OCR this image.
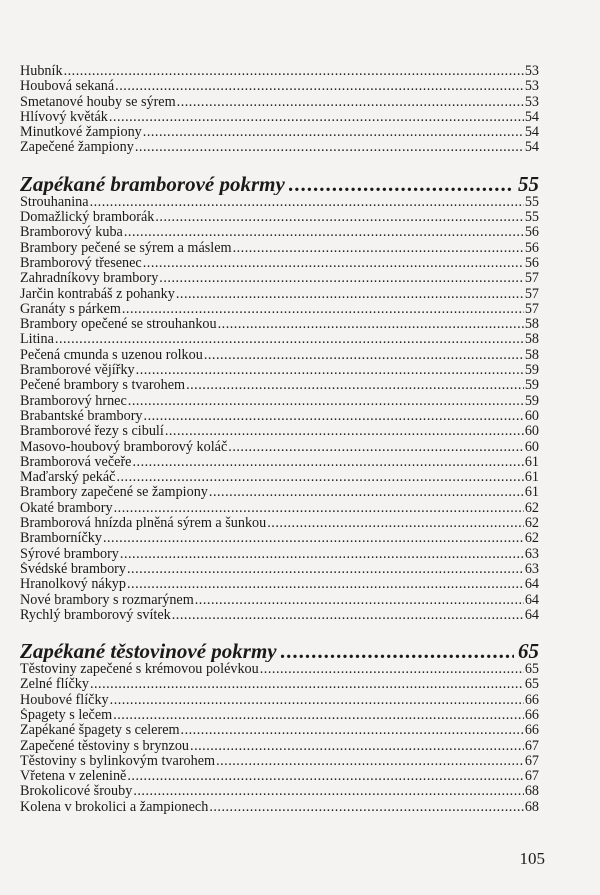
Hubník .....	53
Houbová sekaná .....	53
Smetanové houby se sýrem .....	53
Hlívový květák .....	54
Minutkové žampiony .....	54
Zapečené žampiony .....	54
Zapékané bramborové pokrmy .....	55
Strouhanina .....	55
Domažlický bramborák .....	55
Bramborový kuba .....	56
Brambory pečené se sýrem a máslem .....	56
Bramborový třesenec .....	56
Zahradníkovy brambory .....	57
Jarčin kontrabáš z pohanky .....	57
Granáty s párkem .....	57
Brambory opečené se strouhankou .....	58
Litina .....	58
Pečená cmunda s uzenou rolkou .....	58
Bramborové vějířky .....	59
Pečené brambory s tvarohem .....	59
Bramborový hrnec .....	59
Brabantské brambory .....	60
Bramborové řezy s cibulí .....	60
Masovo-houbový bramborový koláč .....	60
Bramborová večeře .....	61
Maďarský pekáč .....	61
Brambory zapečené se žampiony .....	61
Okaté brambory .....	62
Bramborová hnízda plněná sýrem a šunkou .....	62
Bramborníčky .....	62
Sýrové brambory .....	63
Švédské brambory .....	63
Hranolkový nákyp .....	64
Nové brambory s rozmarýnem .....	64
Rychlý bramborový svítek .....	64
Zapékané těstovinové pokrmy .....	65
Těstoviny zapečené s krémovou polévkou .....	65
Zelné flíčky .....	65
Houbové flíčky .....	66
Špagety s lečem .....	66
Zapékané špagety s celerem .....	66
Zapečené těstoviny s brynzou .....	67
Těstoviny s bylinkovým tvarohem .....	67
Vřetena v zelenině .....	67
Brokolicové šrouby .....	68
Kolena v brokolici a žampionech .....	68
105
